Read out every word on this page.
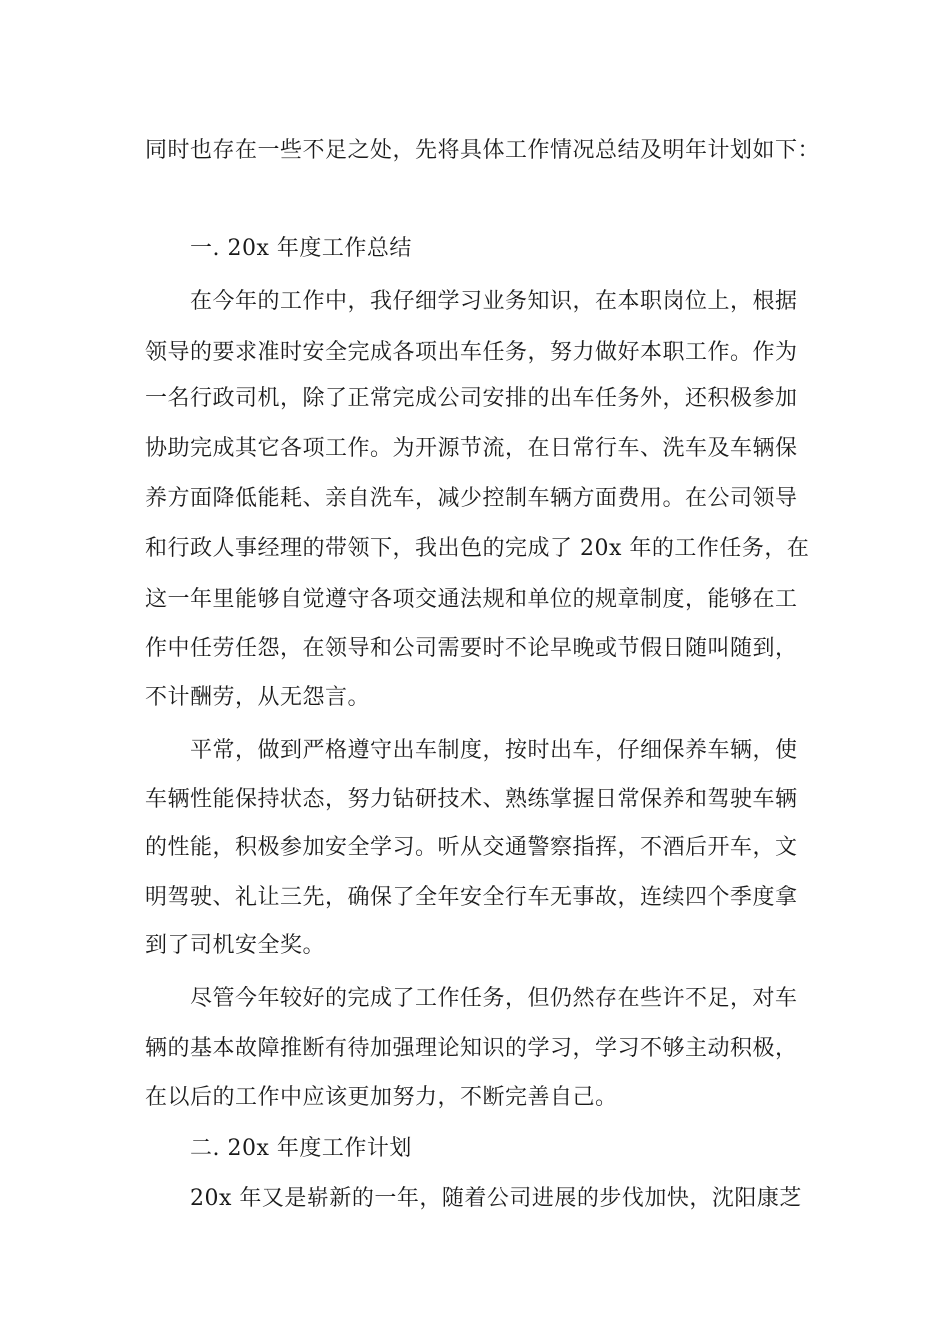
同时也存在一些不足之处，先将具体工作情况总结及明年计划如下：
一. 20x 年度工作总结
在今年的工作中，我仔细学习业务知识，在本职岗位上，根据
领导的要求准时安全完成各项出车任务，努力做好本职工作。作为
一名行政司机，除了正常完成公司安排的出车任务外，还积极参加
协助完成其它各项工作。为开源节流，在日常行车、洗车及车辆保
养方面降低能耗、亲自洗车，减少控制车辆方面费用。在公司领导
和行政人事经理的带领下，我出色的完成了 20x 年的工作任务，在
这一年里能够自觉遵守各项交通法规和单位的规章制度，能够在工
作中任劳任怨，在领导和公司需要时不论早晚或节假日随叫随到，
不计酬劳，从无怨言。
平常，做到严格遵守出车制度，按时出车，仔细保养车辆，使
车辆性能保持状态，努力钻研技术、熟练掌握日常保养和驾驶车辆
的性能，积极参加安全学习。听从交通警察指挥，不酒后开车，文
明驾驶、礼让三先，确保了全年安全行车无事故，连续四个季度拿
到了司机安全奖。
尽管今年较好的完成了工作任务，但仍然存在些许不足，对车
辆的基本故障推断有待加强理论知识的学习，学习不够主动积极，
在以后的工作中应该更加努力，不断完善自己。
二. 20x 年度工作计划
20x 年又是崭新的一年，随着公司进展的步伐加快，沈阳康芝
